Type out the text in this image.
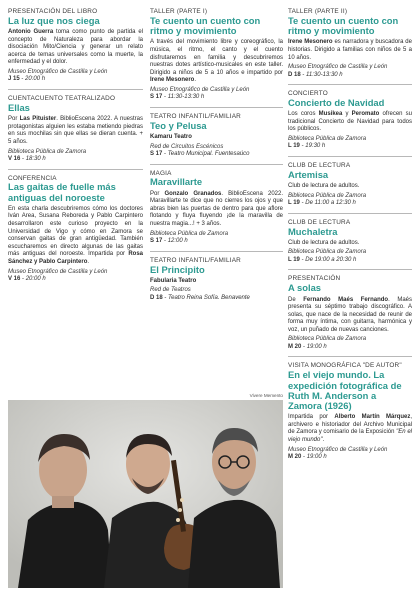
PRESENTACIÓN DEL LIBRO
La luz que nos ciega
Antonio Guerra toma como punto de partida el concepto de Naturaleza para abordar la disociación Mito/Ciencia y generar un relato acerca de temas universales como la muerte, la enfermedad y el dolor.
Museo Etnográfico de Castilla y León
J 15 - 20:00 h
CUENTACUENTO TEATRALIZADO
Ellas
Por Las Pituister. BiblioEscena 2022. A nuestras protagonistas alguien les estaba metiendo piedras en sus mochilas sin que ellas se dieran cuenta. + 5 años.
Biblioteca Pública de Zamora
V 16 - 18:30 h
CONFERENCIA
Las gaitas de fuelle más antiguas del noroeste
En esta charla descubriremos cómo los doctores Iván Area, Susana Reboreda y Pablo Carpintero desarrollaron este curioso proyecto en la Universidad de Vigo y cómo en Zamora se conservan gaitas de gran antigüedad. También escucharemos en directo algunas de las gaitas más antiguas del noroeste. Impartida por Rosa Sánchez y Pablo Carpintero.
Museo Etnográfico de Castilla y León
V 16 - 20:00 h
TALLER (PARTE I)
Te cuento un cuento con ritmo y movimiento
A través del movimiento libre y coreográfico, la música, el ritmo, el canto y el cuento disfrutaremos en familia y descubriremos nuestras dotes artístico-musicales en este taller. Dirigido a niños de 5 a 10 años e impartido por Irene Mesonero.
Museo Etnográfico de Castilla y León
S 17 - 11:30-13:30 h
TEATRO INFANTIL/FAMILIAR
Teo y Pelusa
Kamaru Teatro
Red de Circuitos Escénicos
S 17 - Teatro Municipal. Fuentesaúco
MAGIA
Maravillarte
Por Gonzalo Granados. BiblioEscena 2022. Maravillarte te dice que no cierres los ojos y que abras bien las puertas de dentro para que aflore flotando y fluya fluyendo ¡de la maravilla de nuestra magia...! + 3 años.
Biblioteca Pública de Zamora
S 17 - 12:00 h
TEATRO INFANTIL/FAMILIAR
El Principito
Fabularia Teatro
Red de Teatros
D 18 - Teatro Reina Sofía. Benavente
TALLER (PARTE II)
Te cuento un cuento con ritmo y movimiento
Irene Mesonero es narradora y buscadora de historias. Dirigido a familias con niños de 5 a 10 años.
Museo Etnográfico de Castilla y León
D 18 - 11:30-13:30 h
CONCIERTO
Concierto de Navidad
Los coros Musikea y Peromato ofrecen su tradicional Concierto de Navidad para todos los públicos.
Biblioteca Pública de Zamora
L 19 - 19:30 h
CLUB DE LECTURA
Artemisa
Club de lectura de adultos.
Biblioteca Pública de Zamora
L 19 - De 11:00 a 12:30 h
CLUB DE LECTURA
Muchaletra
Club de lectura de adultos.
Biblioteca Pública de Zamora
L 19 - De 19:00 a 20:30 h
PRESENTACIÓN
A solas
De Fernando Maés Fernando. Maés presenta su séptimo trabajo discográfico. A solas, que nace de la necesidad de reunir de forma muy íntima, con guitarra, harmónica y voz, un puñado de nuevas canciones.
Biblioteca Pública de Zamora
M 20 - 19:00 h
VISITA MONOGRÁFICA "DE AUTOR"
En el viejo mundo. La expedición fotográfica de Ruth M. Anderson a Zamora (1926)
Impartida por Alberto Martín Márquez, archivero e historiador del Archivo Municipal de Zamora y comisario de la Exposición "En el viejo mundo".
Museo Etnográfico de Castilla y León
M 20 - 19:00 h
Vivere Memento
